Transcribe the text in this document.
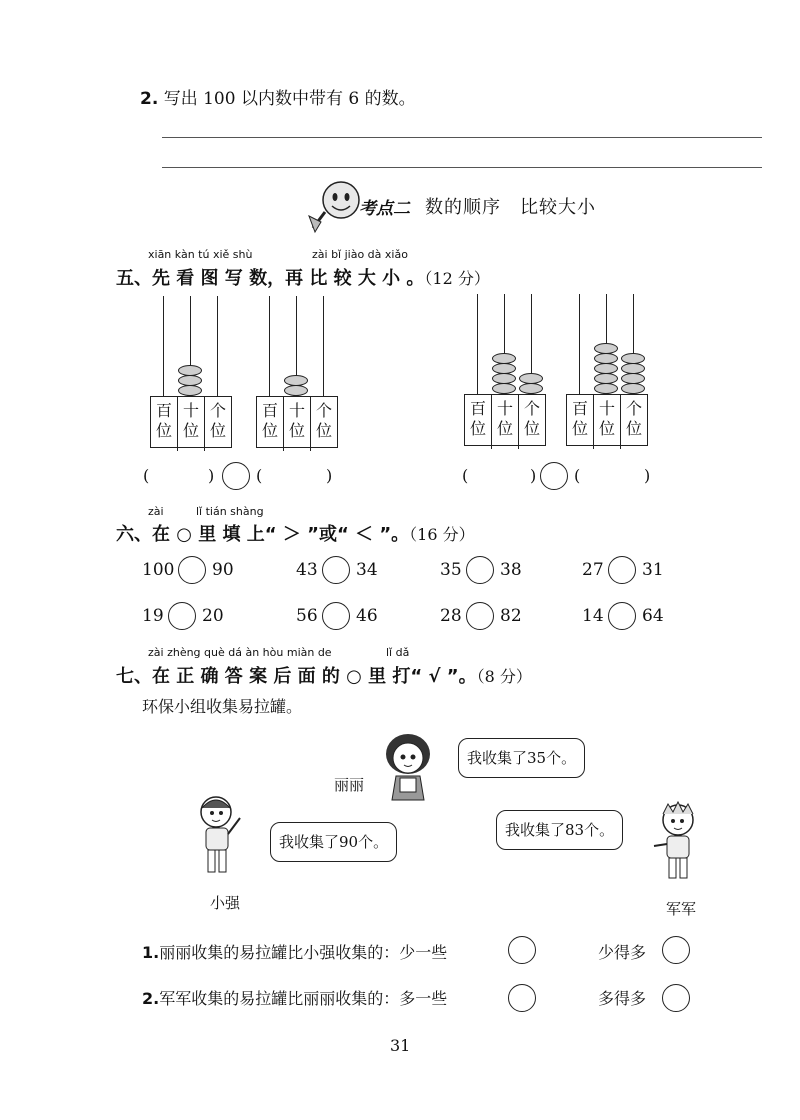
2. 写出 100 以内数中带有 6 的数。
考点二 数的顺序　比较大小
xiān kàn tú xiě shù	zài bǐ jiào dà xiǎo
五、先 看 图 写 数，再 比 较 大 小 。（12 分）
百
位
十
位
个
位
百
位
十
位
个
位
百
位
十
位
个
位
百
位
十
位
个
位
(	)	(	)	(	) (	)
zài	lǐ tián shàng
六、在 ○ 里 填 上“ ＞ ”或“ ＜ ”。（16 分）
100 90	43 34	35 38	27 31
19 20	56 46	28 82	14 64
zài zhèng què dá àn hòu miàn de	lǐ dǎ
七、在 正 确 答 案 后 面 的 ○ 里 打“ √ ”。（8 分）
环保小组收集易拉罐。
丽丽
我收集了35个。
小强
我收集了90个。
军军
我收集了83个。
1.丽丽收集的易拉罐比小强收集的：少一些	少得多
2.军军收集的易拉罐比丽丽收集的：多一些	多得多
31
